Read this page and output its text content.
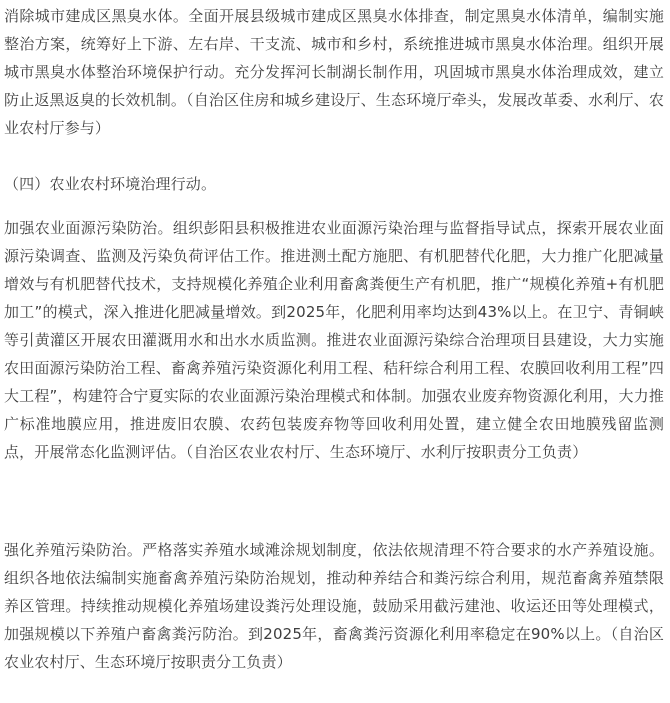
消除城市建成区黑臭水体。全面开展县级城市建成区黑臭水体排查，制定黑臭水体清单，编制实施整治方案，统筹好上下游、左右岸、干支流、城市和乡村，系统推进城市黑臭水体治理。组织开展城市黑臭水体整治环境保护行动。充分发挥河长制湖长制作用，巩固城市黑臭水体治理成效，建立防止返黑返臭的长效机制。（自治区住房和城乡建设厅、生态环境厅牵头，发展改革委、水利厅、农业农村厅参与）

（四）农业农村环境治理行动。

加强农业面源污染防治。组织彭阳县积极推进农业面源污染治理与监督指导试点，探索开展农业面源污染调查、监测及污染负荷评估工作。推进测土配方施肥、有机肥替代化肥，大力推广化肥减量增效与有机肥替代技术，支持规模化养殖企业利用畜禽粪便生产有机肥，推广“规模化养殖+有机肥加工”的模式，深入推进化肥减量增效。到2025年，化肥利用率均达到43%以上。在卫宁、青铜峡等引黄灌区开展农田灌溉用水和出水水质监测。推进农业面源污染综合治理项目县建设，大力实施农田面源污染防治工程、畜禽养殖污染资源化利用工程、秸秆综合利用工程、农膜回收利用工程”四大工程”，构建符合宁夏实际的农业面源污染治理模式和体制。加强农业废弃物资源化利用，大力推广标准地膜应用，推进废旧农膜、农药包装废弃物等回收利用处置，建立健全农田地膜残留监测点，开展常态化监测评估。（自治区农业农村厅、生态环境厅、水利厅按职责分工负责）

强化养殖污染防治。严格落实养殖水域滩涂规划制度，依法依规清理不符合要求的水产养殖设施。组织各地依法编制实施畜禽养殖污染防治规划，推动种养结合和粪污综合利用，规范畜禽养殖禁限养区管理。持续推动规模化养殖场建设粪污处理设施，鼓励采用截污建池、收运还田等处理模式，加强规模以下养殖户畜禽粪污防治。到2025年，畜禽粪污资源化利用率稳定在90%以上。（自治区农业农村厅、生态环境厅按职责分工负责）
